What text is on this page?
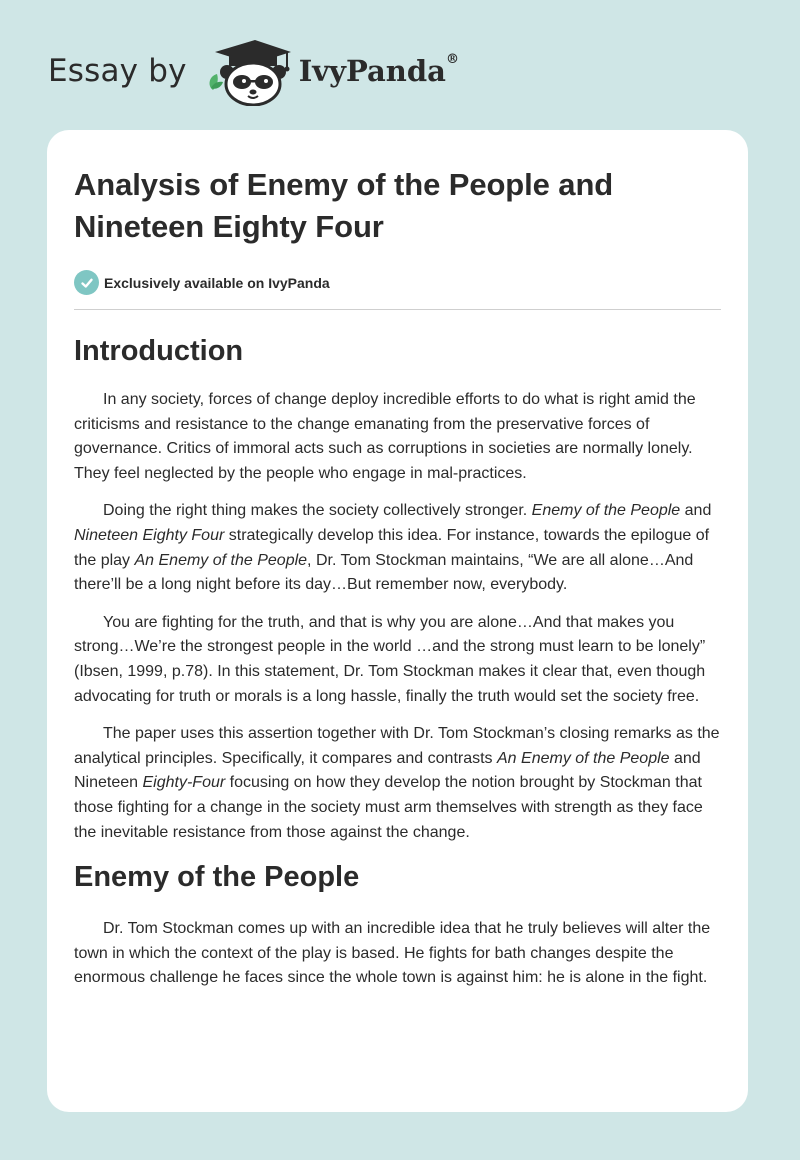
Essay by	IvyPanda®
Analysis of Enemy of the People and Nineteen Eighty Four
Exclusively available on IvyPanda
Introduction

In any society, forces of change deploy incredible efforts to do what is right amid the criticisms and resistance to the change emanating from the preservative forces of governance. Critics of immoral acts such as corruptions in societies are normally lonely. They feel neglected by the people who engage in mal-practices.

Doing the right thing makes the society collectively stronger. Enemy of the People and Nineteen Eighty Four strategically develop this idea. For instance, towards the epilogue of the play An Enemy of the People, Dr. Tom Stockman maintains, “We are all alone…And there’ll be a long night before its day…But remember now, everybody.

You are fighting for the truth, and that is why you are alone…And that makes you strong…We’re the strongest people in the world …and the strong must learn to be lonely” (Ibsen, 1999, p.78). In this statement, Dr. Tom Stockman makes it clear that, even though advocating for truth or morals is a long hassle, finally the truth would set the society free.

The paper uses this assertion together with Dr. Tom Stockman’s closing remarks as the analytical principles. Specifically, it compares and contrasts An Enemy of the People and Nineteen Eighty-Four focusing on how they develop the notion brought by Stockman that those fighting for a change in the society must arm themselves with strength as they face the inevitable resistance from those against the change.

Enemy of the People

Dr. Tom Stockman comes up with an incredible idea that he truly believes will alter the town in which the context of the play is based. He fights for bath changes despite the enormous challenge he faces since the whole town is against him: he is alone in the fight.
